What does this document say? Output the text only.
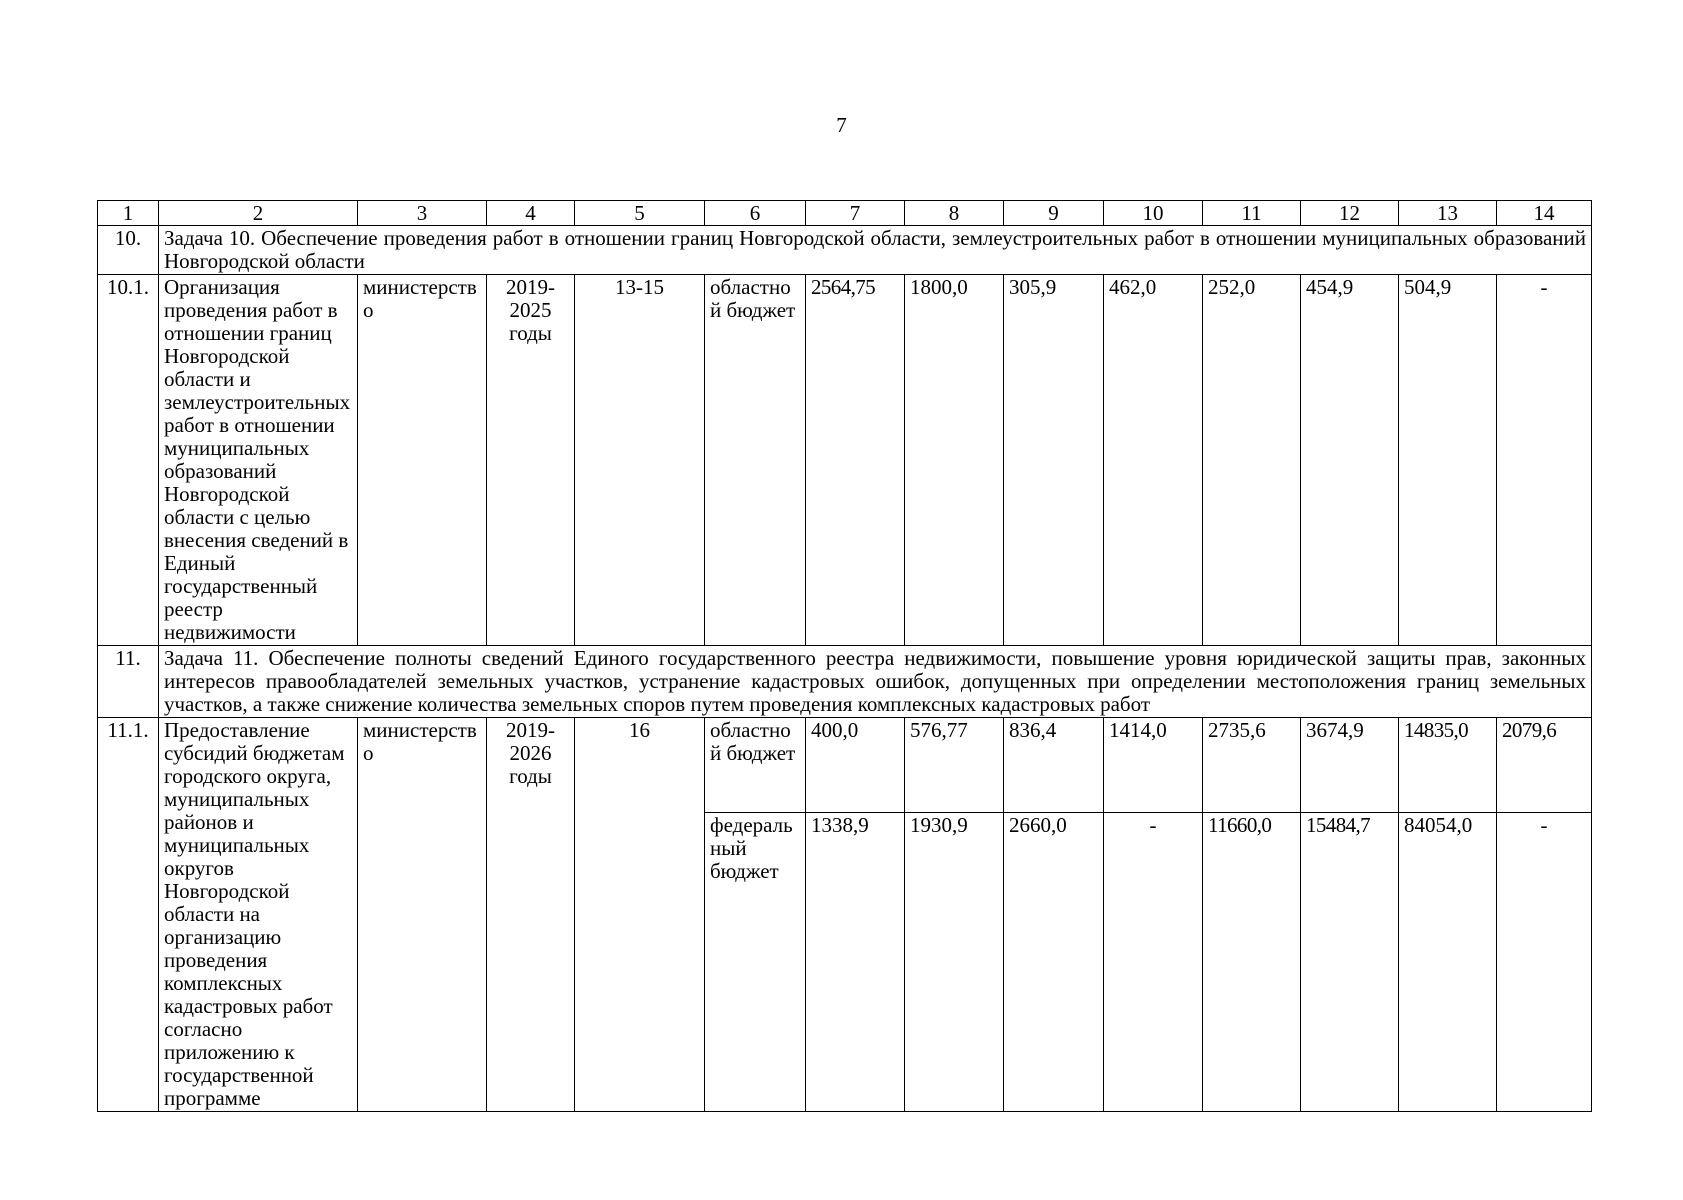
7
1	2	3	4	5	6	7	8	9	10	11	12	13	14
10.	Задача 10. Обеспечение проведения работ в отношении границ Новгородской области, землеустроительных работ в отношении муниципальных образований Новгородской области												
10.1.	Организация проведения работ в отношении границ Новгородской области и землеустроительных работ в отношении муниципальных образований Новгородской области с целью внесения сведений в Единый государственный реестр недвижимости	министерство	2019-2025 годы	13-15	областной бюджет	2564,75	1800,0	305,9	462,0	252,0	454,9	504,9	-
11.	Задача 11. Обеспечение полноты сведений Единого государственного реестра недвижимости, повышение уровня юридической защиты прав, законных интересов правообладателей земельных участков, устранение кадастровых ошибок, допущенных при определении местоположения границ земельных участков, а также снижение количества земельных споров путем проведения комплексных кадастровых работ												
11.1.	Предоставление субсидий бюджетам городского округа, муниципальных районов и муниципальных округов Новгородской области на организацию проведения комплексных кадастровых работ согласно приложению к государственной программе	министерство	2019-2026 годы	16	областной бюджет	400,0	576,77	836,4	1414,0	2735,6	3674,9	14835,0	2079,6
					федеральный бюджет	1338,9	1930,9	2660,0	-	11660,0	15484,7	84054,0	-
